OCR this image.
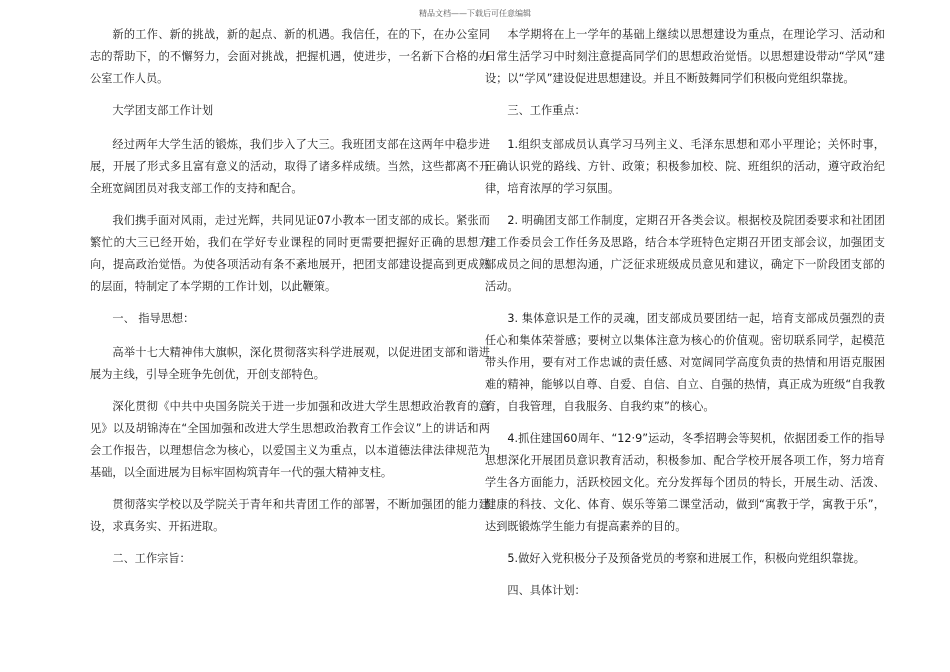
精品文档——下载后可任意编辑

新的工作、新的挑战，新的起点、新的机遇。我信任，在的下，在办公室同志的帮助下，的不懈努力，会面对挑战，把握机遇，使进步，一名新下合格的办公室工作人员。

大学团支部工作计划

经过两年大学生活的锻炼，我们步入了大三。我班团支部在这两年中稳步进展，开展了形式多且富有意义的活动，取得了诸多样成绩。当然，这些都离不开全班宽阔团员对我支部工作的支持和配合。

我们携手面对风雨，走过光辉，共同见证07小教本一团支部的成长。紧张而繁忙的大三已经开始，我们在学好专业课程的同时更需要把握好正确的思想方向，提高政治觉悟。为使各项活动有条不紊地展开，把团支部建设提高到更成熟的层面，特制定了本学期的工作计划，以此鞭策。

一、 指导思想：

高举十七大精神伟大旗帜，深化贯彻落实科学进展观，以促进团支部和谐进展为主线，引导全班争先创优，开创支部特色。

深化贯彻《中共中央国务院关于进一步加强和改进大学生思想政治教育的意见》以及胡锦涛在“全国加强和改进大学生思想政治教育工作会议”上的讲话和两会工作报告，以理想信念为核心，以爱国主义为重点，以本道德法律法律规范为基础，以全面进展为目标牢固构筑青年一代的强大精神支柱。

贯彻落实学校以及学院关于青年和共青团工作的部署，不断加强团的能力建设，求真务实、开拓进取。

二、工作宗旨：

本学期将在上一学年的基础上继续以思想建设为重点，在理论学习、活动和日常生活学习中时刻注意提高同学们的思想政治觉悟。以思想建设带动“学风”建设；以“学风”建设促进思想建设。并且不断鼓舞同学们积极向党组织靠拢。

三、工作重点：

1.组织支部成员认真学习马列主义、毛泽东思想和邓小平理论；关怀时事，正确认识党的路线、方针、政策；积极参加校、院、班组织的活动，遵守政治纪律，培育浓厚的学习氛围。

2. 明确团支部工作制度，定期召开各类会议。根据校及院团委要求和社团团建工作委员会工作任务及思路，结合本学班特色定期召开团支部会议，加强团支部成员之间的思想沟通，广泛征求班级成员意见和建议，确定下一阶段团支部的活动。

3. 集体意识是工作的灵魂，团支部成员要团结一起，培育支部成员强烈的责任心和集体荣誉感；要树立以集体注意为核心的价值观。密切联系同学，起模范带头作用，要有对工作忠诚的责任感、对宽阔同学高度负责的热情和用语克服困难的精神，能够以自尊、自爱、自信、自立、自强的热情，真正成为班级“自我教育，自我管理，自我服务、自我约束”的核心。

4.抓住建国60周年、“12·9”运动，冬季招聘会等契机，依据团委工作的指导思想深化开展团员意识教育活动，积极参加、配合学校开展各项工作，努力培育学生各方面能力，活跃校园文化。充分发挥每个团员的特长，开展生动、活泼、健康的科技、文化、体育、娱乐等第二课堂活动，做到“寓教于学，寓教于乐”，达到既锻炼学生能力有提高素养的目的。

5.做好入党积极分子及预备党员的考察和进展工作，积极向党组织靠拢。

四、具体计划：
